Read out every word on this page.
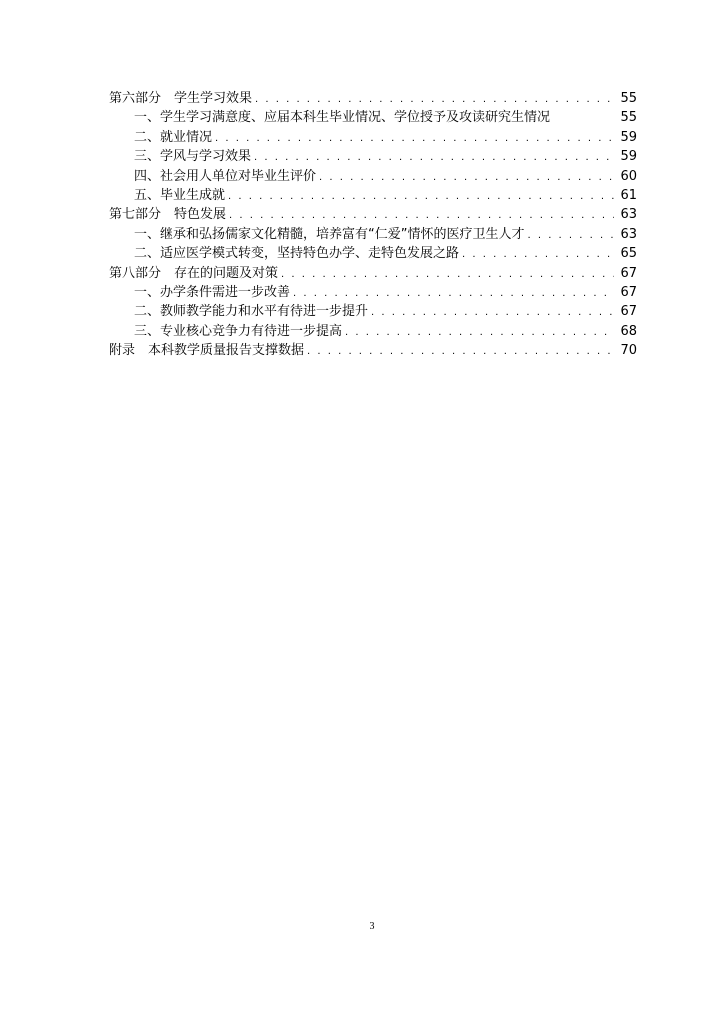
第六部分　学生学习效果 . . .	55
一、学生学习满意度、应届本科生毕业情况、学位授予及攻读研究生情况	55
二、就业情况 . . .	59
三、学风与学习效果 . . .	59
四、社会用人单位对毕业生评价 . . .	60
五、毕业生成就 . . .	61
第七部分　特色发展 . . .	63
一、继承和弘扬儒家文化精髓，培养富有“仁爱”情怀的医疗卫生人才 . . .	63
二、适应医学模式转变，坚持特色办学、走特色发展之路 . . .	65
第八部分　存在的问题及对策 . . .	67
一、办学条件需进一步改善 . . .	67
二、教师教学能力和水平有待进一步提升 . . .	67
三、专业核心竞争力有待进一步提高 . . .	68
附录　本科教学质量报告支撑数据 . . .	70
3
